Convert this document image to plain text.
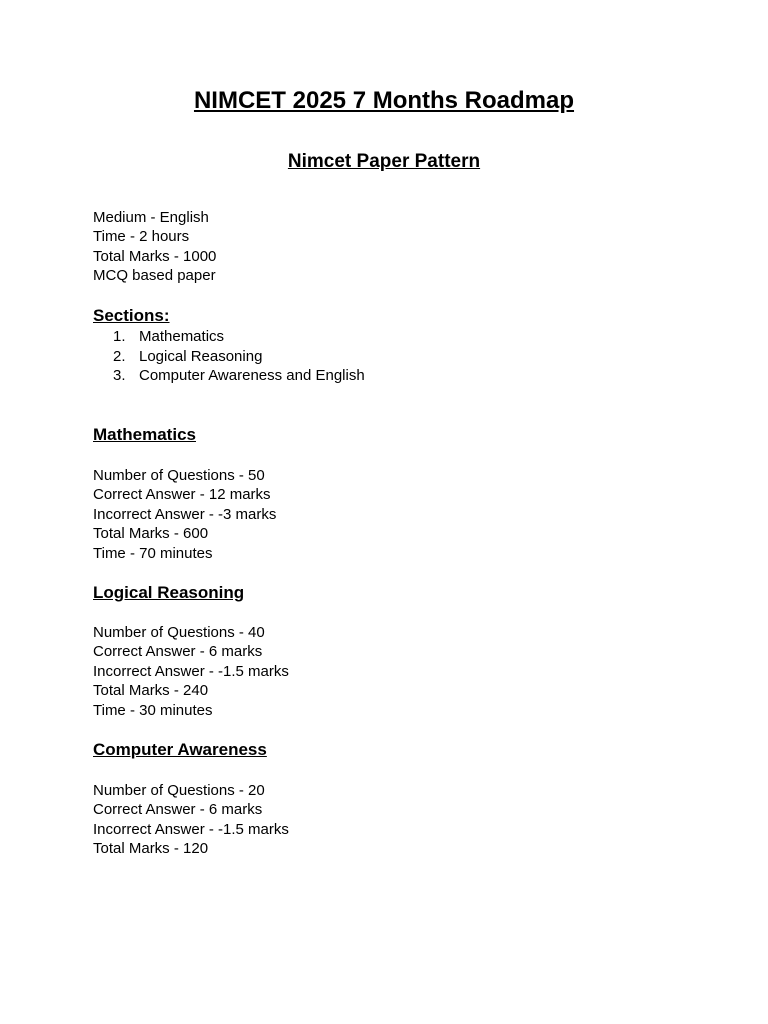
NIMCET 2025 7 Months Roadmap
Nimcet Paper Pattern
Medium - English
Time - 2 hours
Total Marks - 1000
MCQ based paper
Sections:
1. Mathematics
2. Logical Reasoning
3. Computer Awareness and English
Mathematics
Number of Questions - 50
Correct Answer - 12 marks
Incorrect Answer - -3 marks
Total Marks - 600
Time - 70 minutes
Logical Reasoning
Number of Questions - 40
Correct Answer - 6 marks
Incorrect Answer - -1.5 marks
Total Marks - 240
Time - 30 minutes
Computer Awareness
Number of Questions - 20
Correct Answer - 6 marks
Incorrect Answer - -1.5 marks
Total Marks - 120
